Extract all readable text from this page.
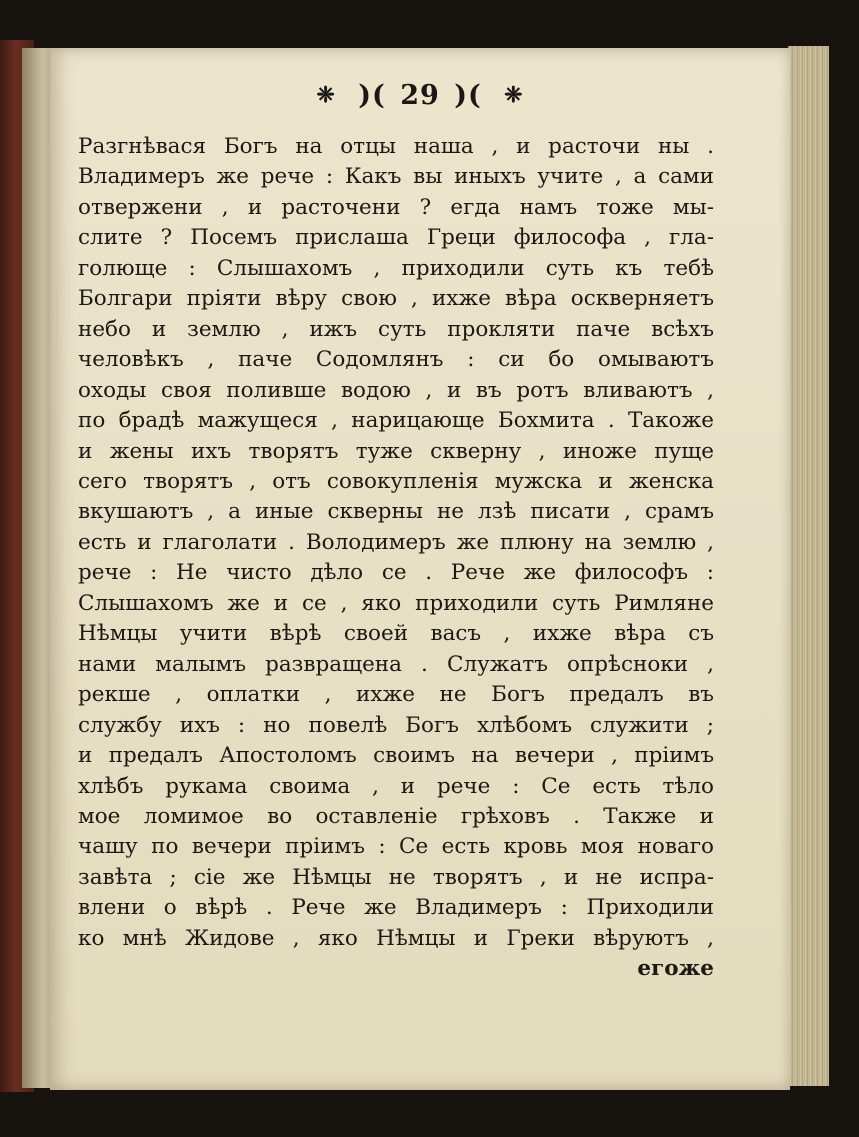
❈ )( 29 )( ❈
Разгнѣвася Богъ на отцы наша , и расточи ны .
Владимеръ же рече : Какъ вы иныхъ учите , а сами
отвержени , и расточени ? егда намъ тоже мы-
слите ? Посемъ прислаша Греци философа , гла-
голюще : Слышахомъ , приходили суть къ тебѣ
Болгари пріяти вѣру свою , ихже вѣра оскверняетъ
небо и землю , ижъ суть прокляти паче всѣхъ
человѣкъ , паче Содомлянъ : си бо омываютъ
оходы своя поливше водою , и въ ротъ вливаютъ ,
по брадѣ мажущеся , нарицающе Бохмита . Такоже
и жены ихъ творятъ туже скверну , иноже пуще
сего творятъ , отъ совокупленія мужска и женска
вкушаютъ , а иные скверны не лзѣ писати , срамъ
есть и глаголати . Володимеръ же плюну на землю ,
рече : Не чисто дѣло се . Рече же философъ :
Слышахомъ же и се , яко приходили суть Римляне
Нѣмцы учити вѣрѣ своей васъ , ихже вѣра съ
нами малымъ развращена . Служатъ опрѣсноки ,
рекше , оплатки , ихже не Богъ предалъ въ
службу ихъ : но повелѣ Богъ хлѣбомъ служити ;
и предалъ Апостоломъ своимъ на вечери , пріимъ
хлѣбъ рукама своима , и рече : Се есть тѣло
мое ломимое во оставленіе грѣховъ . Также и
чашу по вечери пріимъ : Се есть кровь моя новаго
завѣта ; сіе же Нѣмцы не творятъ , и не испра-
влени о вѣрѣ . Рече же Владимеръ : Приходили
ко мнѣ Жидове , яко Нѣмцы и Греки вѣруютъ ,
егоже
